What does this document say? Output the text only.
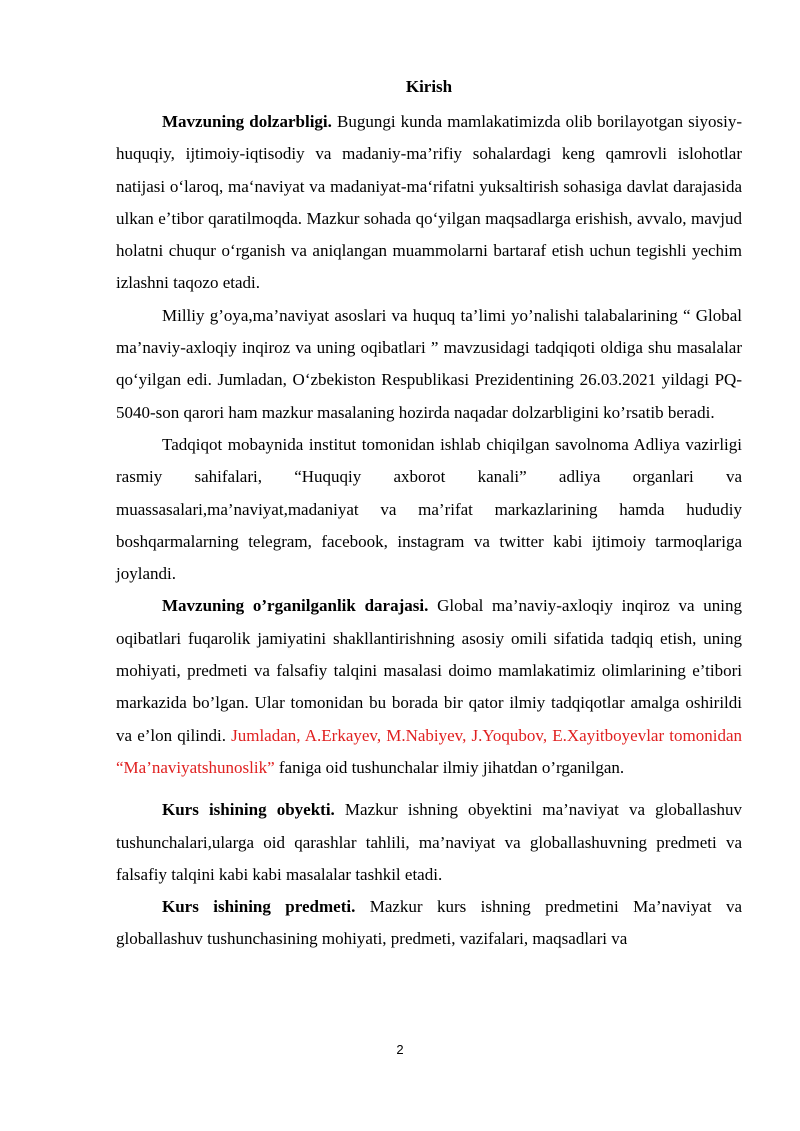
Kirish

Mavzuning dolzarbligi. Bugungi kunda mamlakatimizda olib borilayotgan siyosiy-huquqiy, ijtimoiy-iqtisodiy va madaniy-ma’rifiy sohalardagi keng qamrovli islohotlar natijasi oʻlaroq, maʻnaviyat va madaniyat-maʻrifatni yuksaltirish sohasiga davlat darajasida ulkan eʼtibor qaratilmoqda. Mazkur sohada qoʻyilgan maqsadlarga erishish, avvalo, mavjud holatni chuqur oʻrganish va aniqlangan muammolarni bartaraf etish uchun tegishli yechim izlashni taqozo etadi.

Milliy g’oya,ma’naviyat asoslari va huquq ta’limi yo’nalishi talabalarining “ Global ma’naviy-axloqiy inqiroz va uning oqibatlari ” mavzusidagi tadqiqoti oldiga shu masalalar qoʻyilgan edi. Jumladan, Oʻzbekiston Respublikasi Prezidentining 26.03.2021 yildagi PQ-5040-son qarori ham mazkur masalaning hozirda naqadar dolzarbligini ko’rsatib beradi.

Tadqiqot mobaynida institut tomonidan ishlab chiqilgan savolnoma Adliya vazirligi rasmiy sahifalari, “Huquqiy axborot kanali” adliya organlari va muassasalari,ma’naviyat,madaniyat va ma’rifat markazlarining hamda hududiy boshqarmalarning telegram, facebook, instagram va twitter kabi ijtimoiy tarmoqlariga joylandi.

Mavzuning o’rganilganlik darajasi. Global ma’naviy-axloqiy inqiroz va uning oqibatlari fuqarolik jamiyatini shakllantirishning asosiy omili sifatida tadqiq etish, uning mohiyati, predmeti va falsafiy talqini masalasi doimo mamlakatimiz olimlarining e’tibori markazida bo’lgan. Ular tomonidan bu borada bir qator ilmiy tadqiqotlar amalga oshirildi va e’lon qilindi. Jumladan, A.Erkayev, M.Nabiyev, J.Yoqubov, E.Xayitboyevlar tomonidan “Ma’naviyatshunoslik” faniga oid tushunchalar ilmiy jihatdan o’rganilgan.

Kurs ishining obyekti. Mazkur ishning obyektini ma’naviyat va globallashuv tushunchalari,ularga oid qarashlar tahlili, ma’naviyat va globallashuvning predmeti va falsafiy talqini kabi kabi masalalar tashkil etadi.

Kurs ishining predmeti. Mazkur kurs ishning predmetini Ma’naviyat va globallashuv tushunchasining mohiyati, predmeti, vazifalari, maqsadlari va

2
